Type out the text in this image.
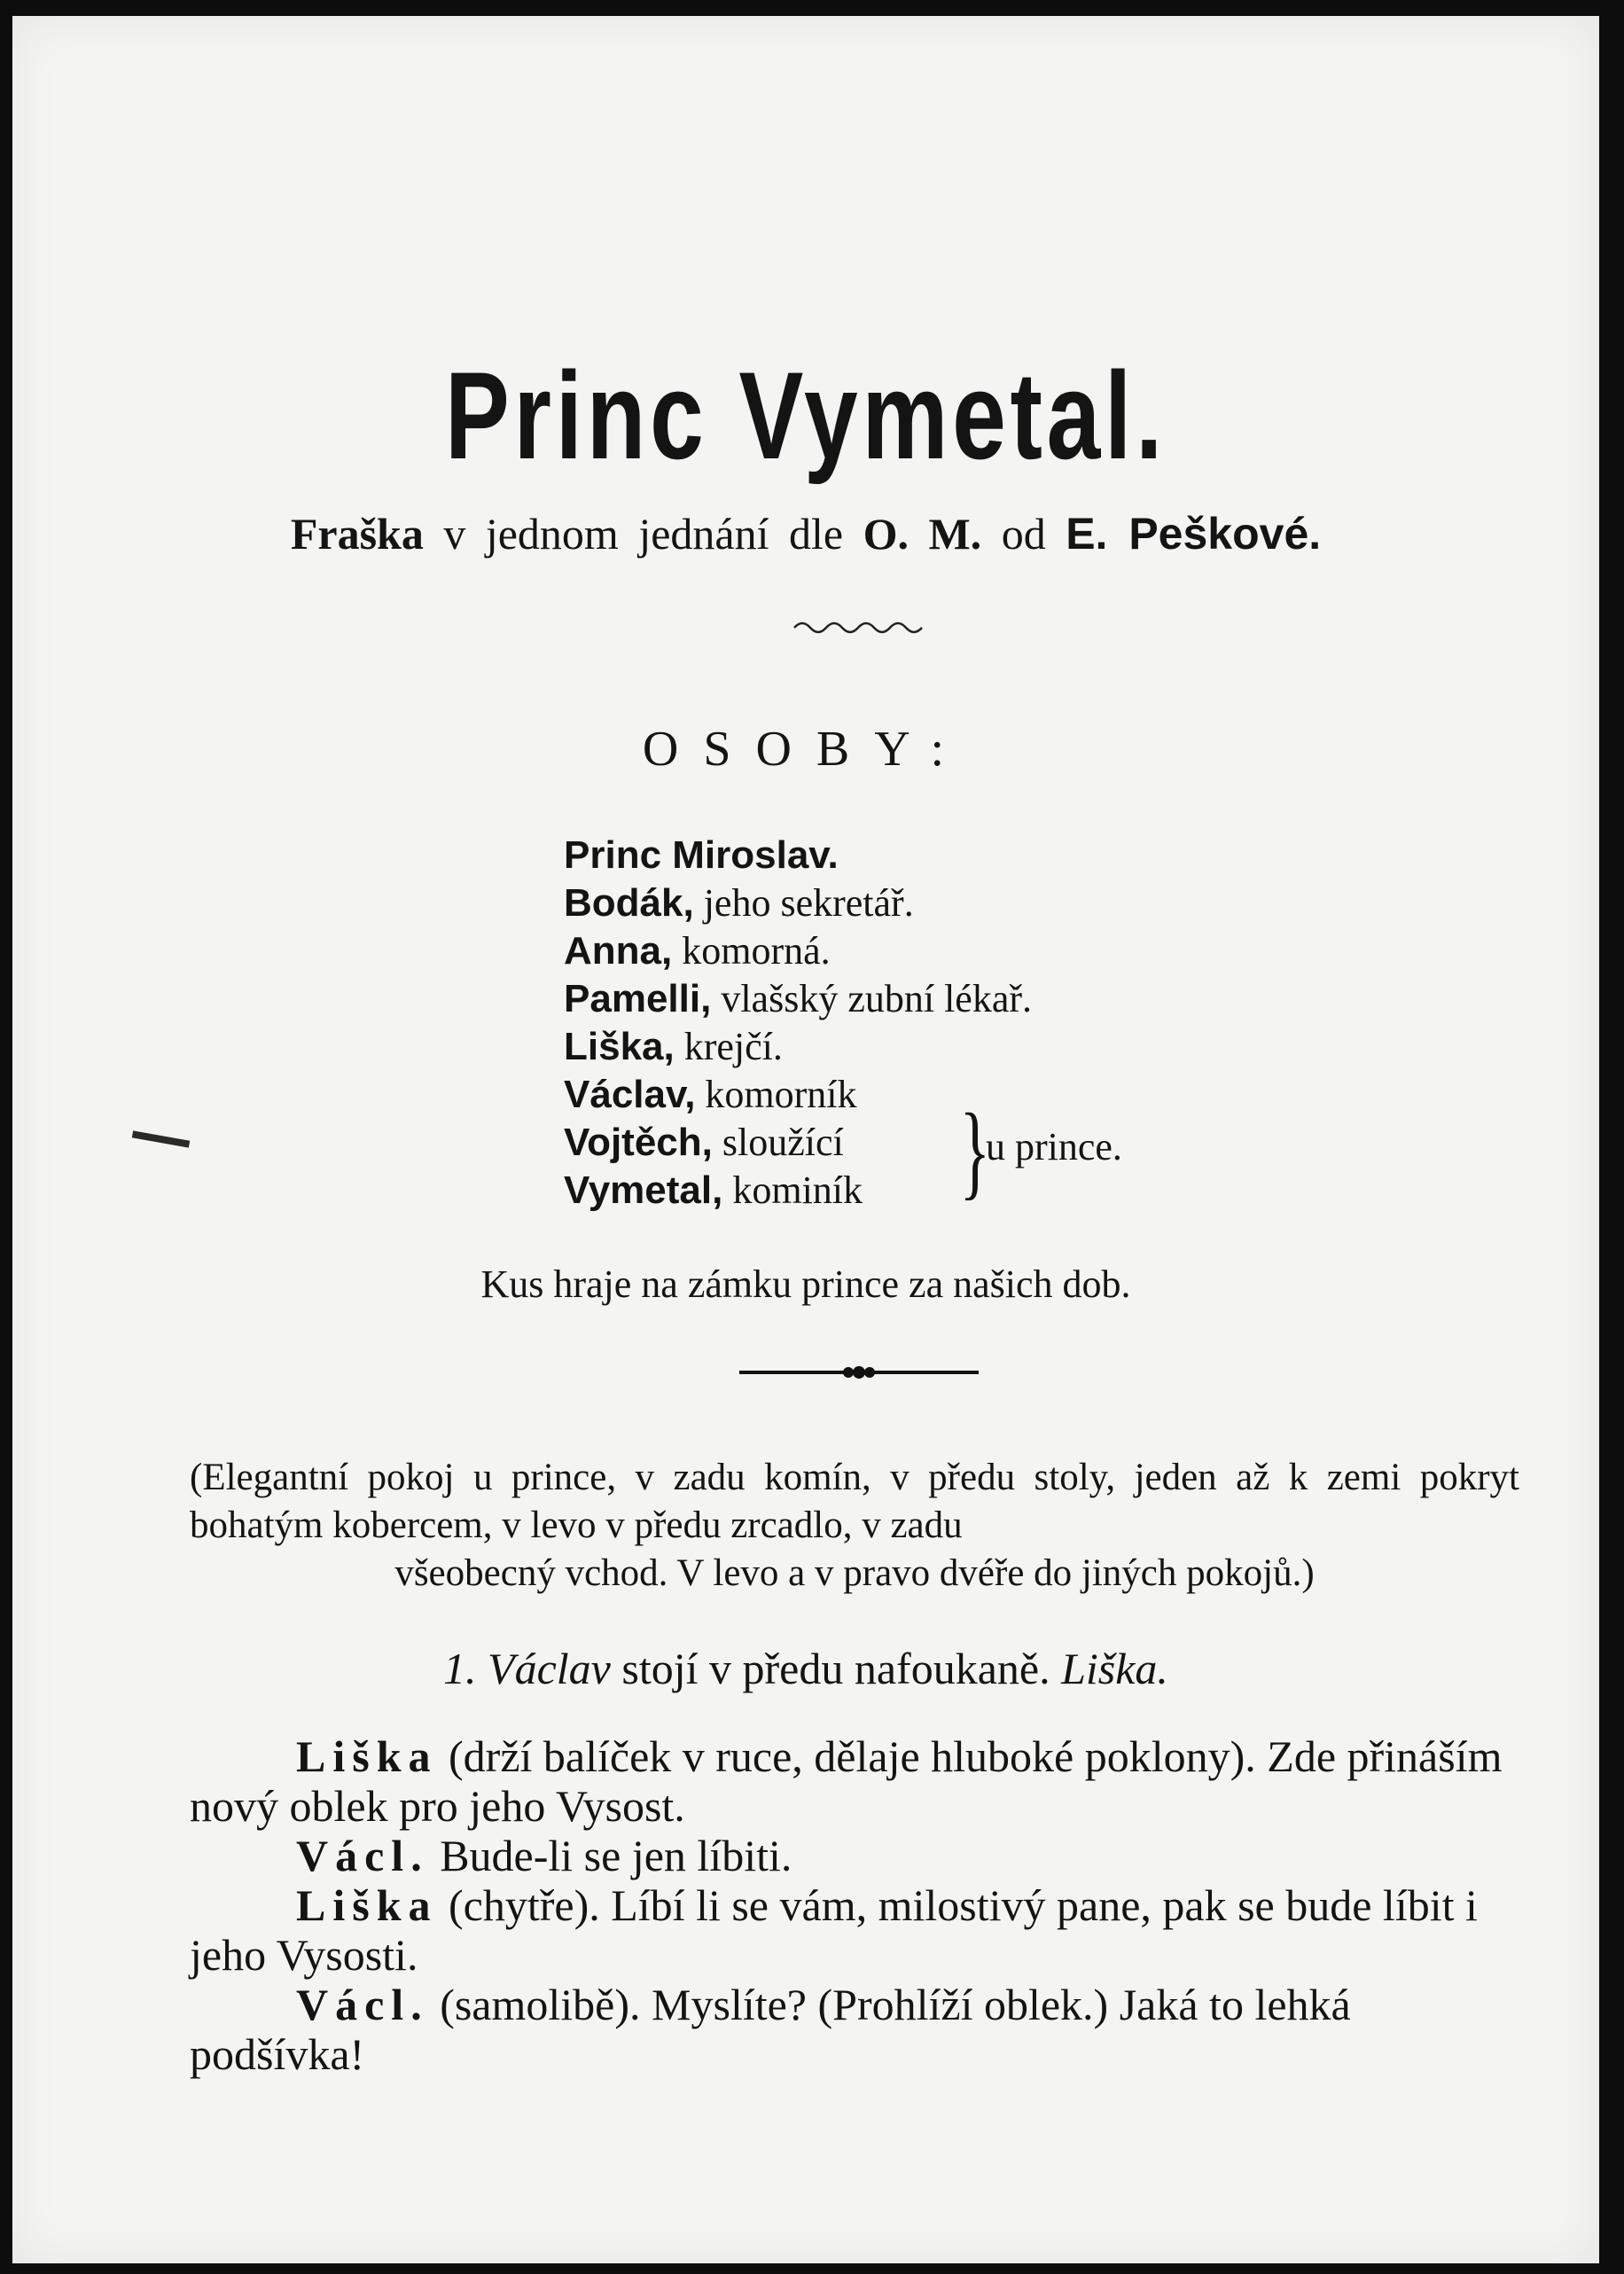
Princ Vymetal.
Fraška v jednom jednání dle O. M. od E. Peškové.
OSOBY:
Princ Miroslav.
Bodák, jeho sekretář.
Anna, komorná.
Pamelli, vlašský zubní lékař.
Liška, krejčí.
Václav, komorník
Vojtěch, sloužící
Vymetal, kominík }
u prince.
Kus hraje na zámku prince za našich dob.
(Elegantní pokoj u prince, v zadu komín, v předu stoly, jeden až k zemi pokryt bohatým kobercem, v levo v předu zrcadlo, v zadu
všeobecný vchod. V levo a v pravo dvéře do jiných pokojů.)
1. Václav stojí v předu nafoukaně. Liška.

Liška (drží balíček v ruce, dělaje hluboké poklony). Zde přináším nový oblek pro jeho Vysost.

Václ. Bude-li se jen líbiti.

Liška (chytře). Líbí li se vám, milostivý pane, pak se bude líbit i jeho Vysosti.

Václ. (samolibě). Myslíte? (Prohlíží oblek.) Jaká to lehká podšívka!
